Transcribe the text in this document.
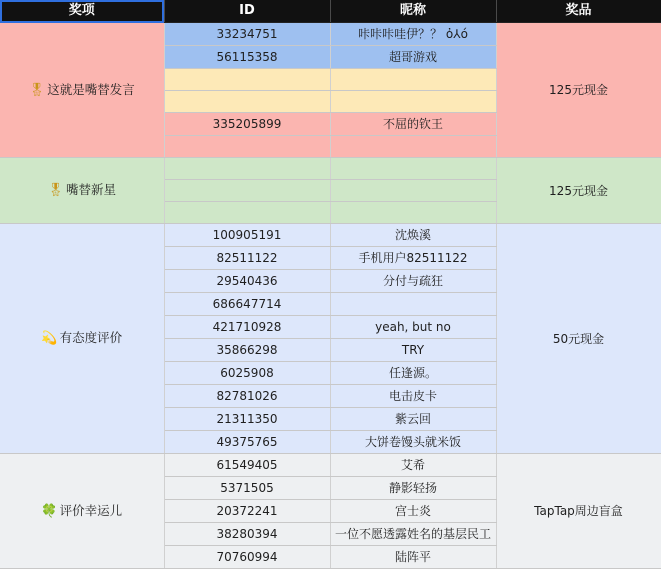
奖项	ID	昵称	奖品
🎖 这就是嘴替发言	33234751	咔咔咔哇伊？？ ὀ⅄ό	125元现金
	56115358	超哥游戏	

	335205899	不屈的钦王	

🎖 嘴替新星			125元现金

💫 有态度评价	100905191	沈焕溪	50元现金
	82511122	手机用户82511122	
	29540436	分付与疏狂	
	686647714		
	421710928	yeah, but no	
	35866298	TRY	
	6025908	任逢源。	
	82781026	电击皮卡	
	21311350	紫云回	
	49375765	大饼卷馒头就米饭	
🍀 评价幸运儿	61549405	艾希	TapTap周边盲盒
	5371505	静影轻扬	
	20372241	宫士炎	
	38280394	一位不愿透露姓名的基层民工	
	70760994	陆阵平	
